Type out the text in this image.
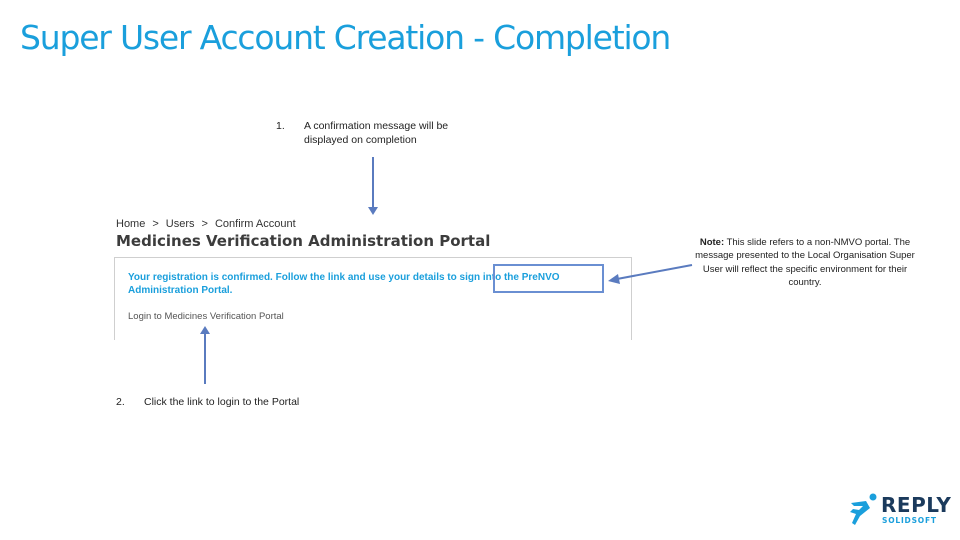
Super User Account Creation - Completion
1. A confirmation message will be displayed on completion
Home > Users > Confirm Account
Medicines Verification Administration Portal
Your registration is confirmed. Follow the link and use your details to sign into the PreNVO Administration Portal.
Login to Medicines Verification Portal
2. Click the link to login to the Portal
Note: This slide refers to a non-NMVO portal. The message presented to the Local Organisation Super User will reflect the specific environment for their country.
REPLY
SOLIDSOFT
